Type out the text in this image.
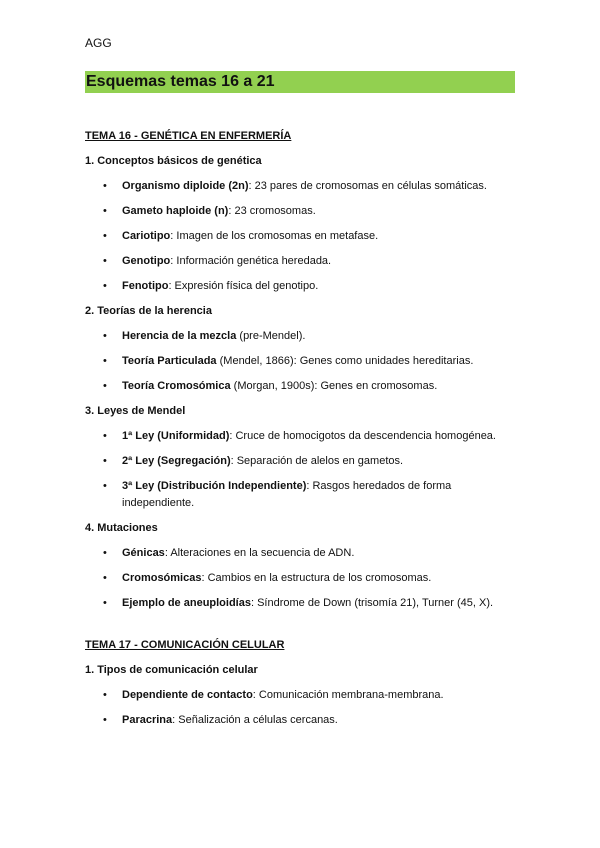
AGG
Esquemas temas 16 a 21

TEMA 16 - GENÉTICA EN ENFERMERÍA

1. Conceptos básicos de genética

• Organismo diploide (2n): 23 pares de cromosomas en células somáticas.
• Gameto haploide (n): 23 cromosomas.
• Cariotipo: Imagen de los cromosomas en metafase.
• Genotipo: Información genética heredada.
• Fenotipo: Expresión física del genotipo.

2. Teorías de la herencia

• Herencia de la mezcla (pre-Mendel).
• Teoría Particulada (Mendel, 1866): Genes como unidades hereditarias.
• Teoría Cromosómica (Morgan, 1900s): Genes en cromosomas.

3. Leyes de Mendel

• 1ª Ley (Uniformidad): Cruce de homocigotos da descendencia homogénea.
• 2ª Ley (Segregación): Separación de alelos en gametos.
• 3ª Ley (Distribución Independiente): Rasgos heredados de forma independiente.

4. Mutaciones

• Génicas: Alteraciones en la secuencia de ADN.
• Cromosómicas: Cambios en la estructura de los cromosomas.
• Ejemplo de aneuploidías: Síndrome de Down (trisomía 21), Turner (45, X).

TEMA 17 - COMUNICACIÓN CELULAR

1. Tipos de comunicación celular

• Dependiente de contacto: Comunicación membrana-membrana.
• Paracrina: Señalización a células cercanas.
